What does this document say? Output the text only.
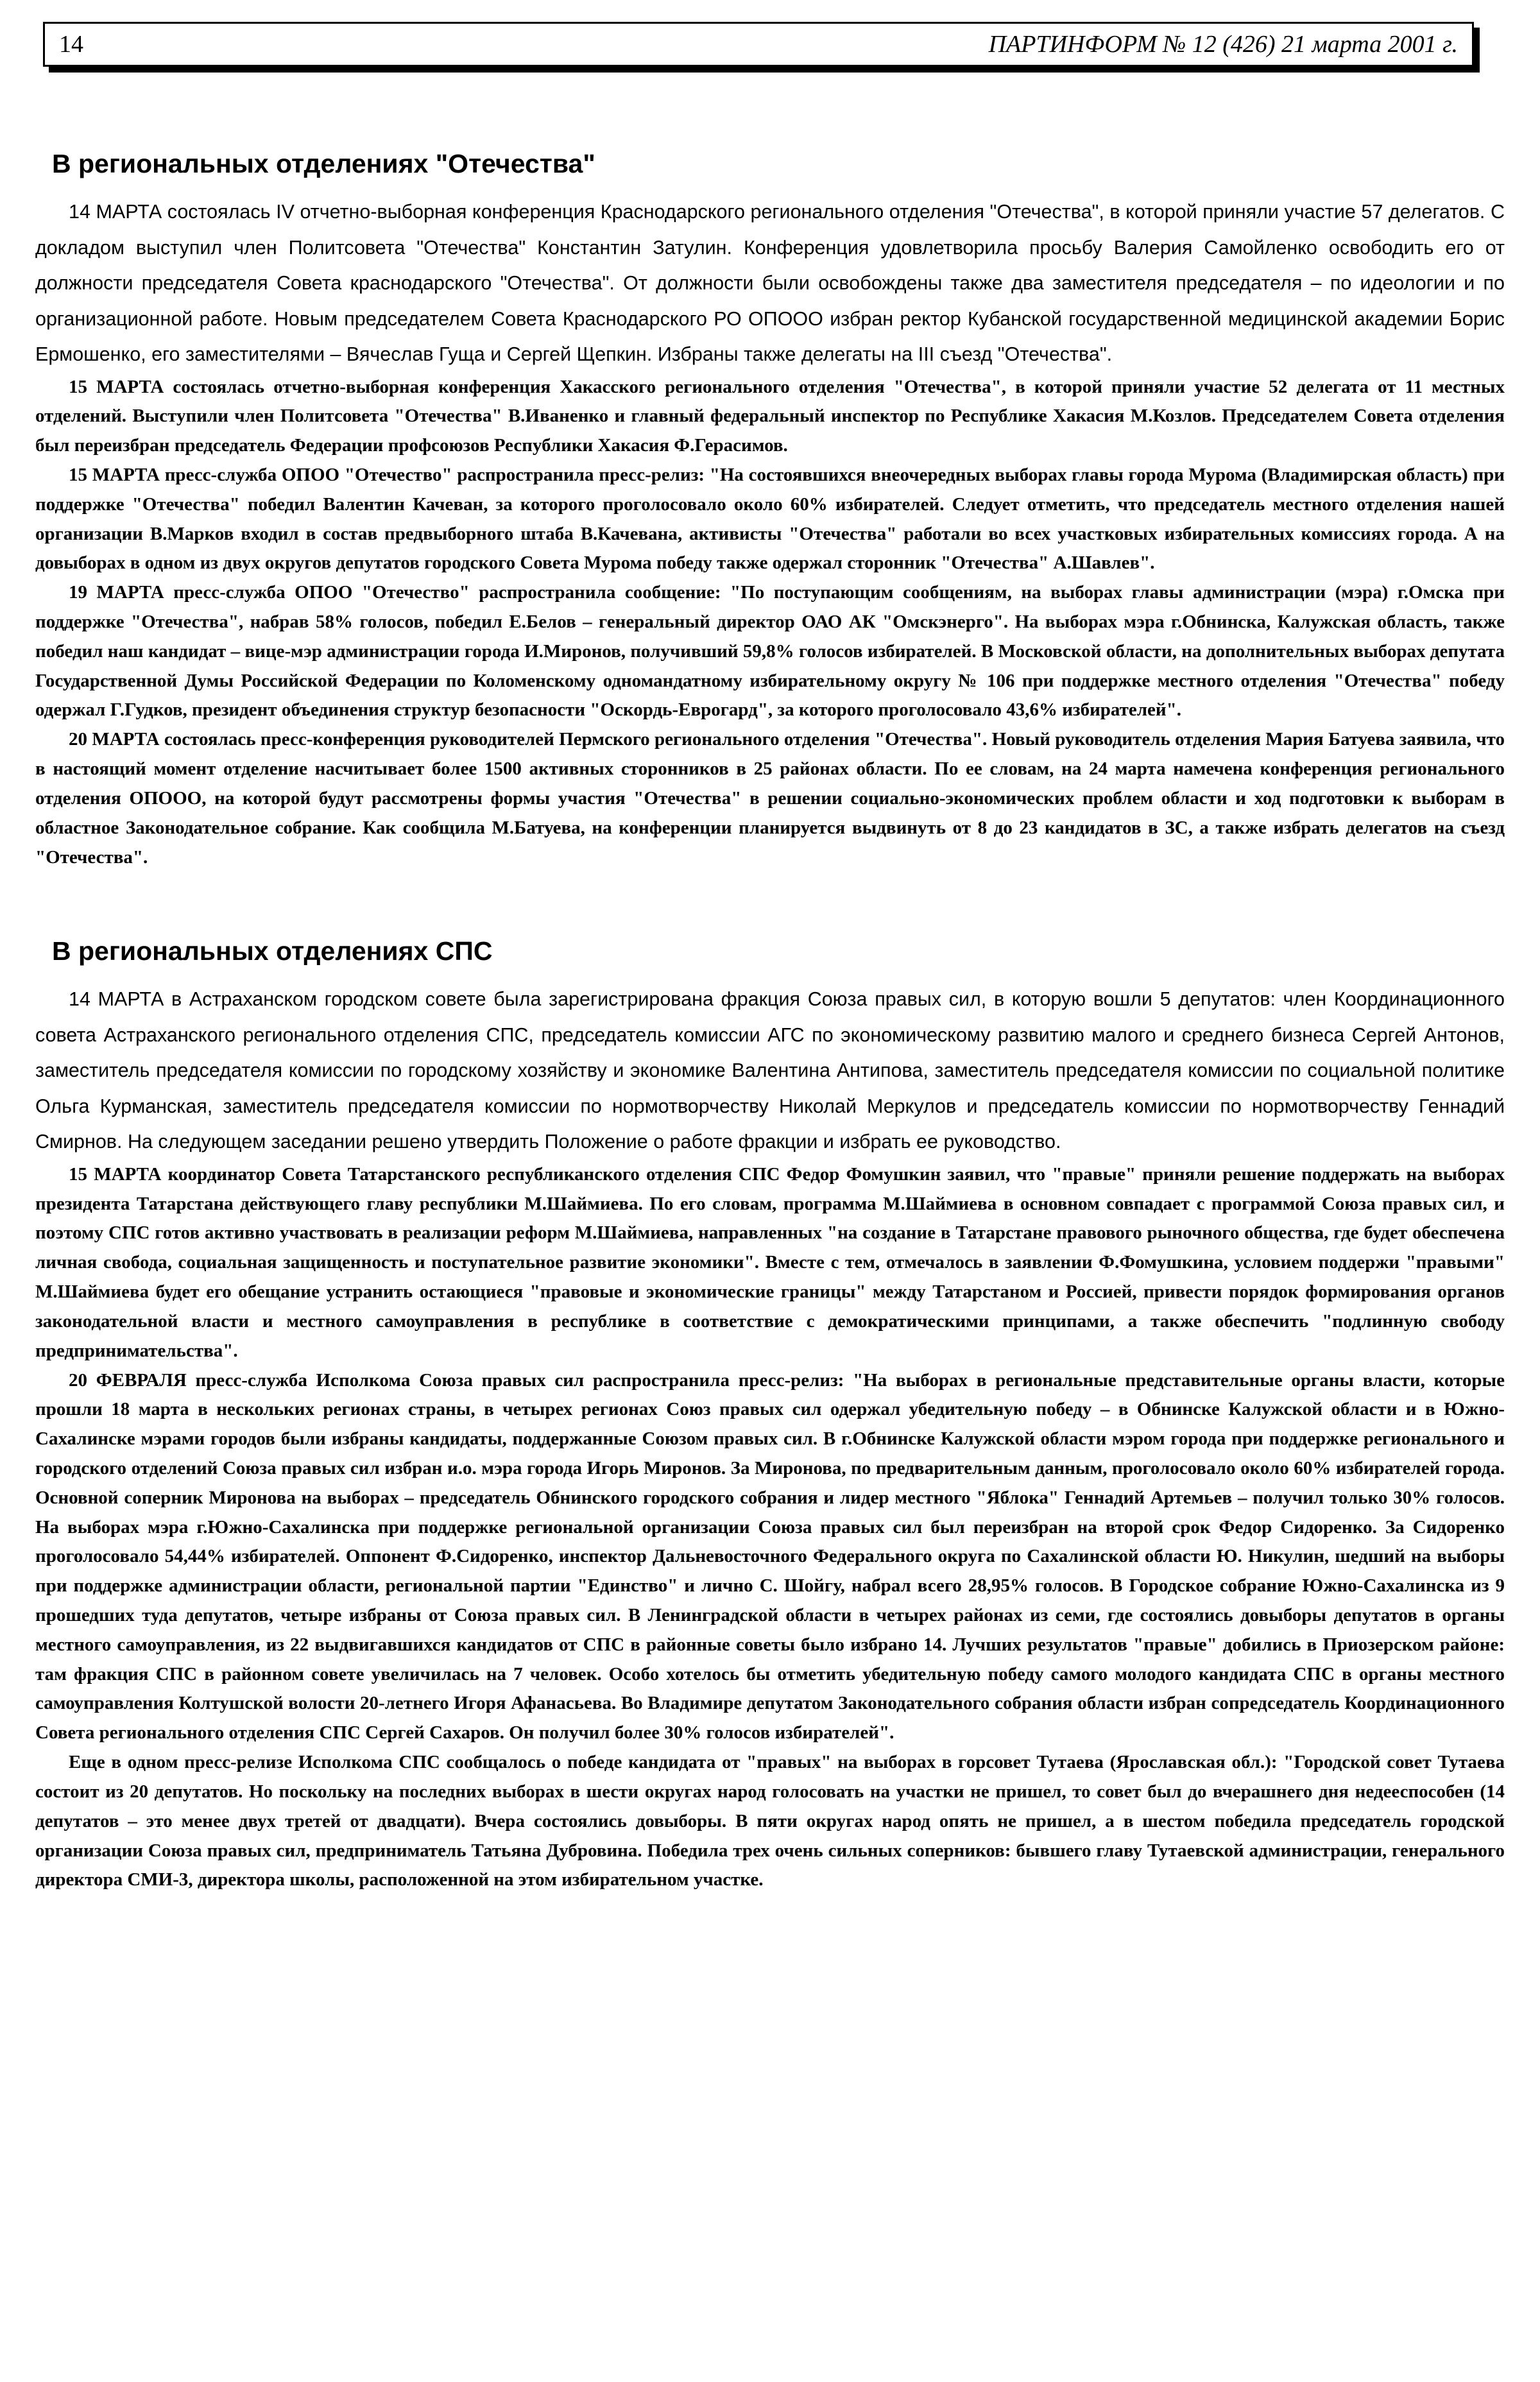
14	ПАРТИНФОРМ № 12 (426) 21 марта 2001 г.
В региональных отделениях "Отечества"

14 МАРТА состоялась IV отчетно-выборная конференция Краснодарского регионального отделения "Отечества", в которой приняли участие 57 делегатов. С докладом выступил член Политсовета "Отечества" Константин Затулин. Конференция удовлетворила просьбу Валерия Самойленко освободить его от должности председателя Совета краснодарского "Отечества". От должности были освобождены также два заместителя председателя – по идеологии и по организационной работе. Новым председателем Совета Краснодарского РО ОПООО избран ректор Кубанской государственной медицинской академии Борис Ермошенко, его заместителями – Вячеслав Гуща и Сергей Щепкин. Избраны также делегаты на III съезд "Отечества".

15 МАРТА состоялась отчетно-выборная конференция Хакасского регионального отделения "Отечества", в которой приняли участие 52 делегата от 11 местных отделений. Выступили член Политсовета "Отечества" В.Иваненко и главный федеральный инспектор по Республике Хакасия М.Козлов. Председателем Совета отделения был переизбран председатель Федерации профсоюзов Республики Хакасия Ф.Герасимов.

15 МАРТА пресс-служба ОПОО "Отечество" распространила пресс-релиз: "На состоявшихся внеочередных выборах главы города Мурома (Владимирская область) при поддержке "Отечества" победил Валентин Качеван, за которого проголосовало около 60% избирателей. Следует отметить, что председатель местного отделения нашей организации В.Марков входил в состав предвыборного штаба В.Качевана, активисты "Отечества" работали во всех участковых избирательных комиссиях города. А на довыборах в одном из двух округов депутатов городского Совета Мурома победу также одержал сторонник "Отечества" А.Шавлев".

19 МАРТА пресс-служба ОПОО "Отечество" распространила сообщение: "По поступающим сообщениям, на выборах главы администрации (мэра) г.Омска при поддержке "Отечества", набрав 58% голосов, победил Е.Белов – генеральный директор ОАО АК "Омскэнерго". На выборах мэра г.Обнинска, Калужская область, также победил наш кандидат – вице-мэр администрации города И.Миронов, получивший 59,8% голосов избирателей. В Московской области, на дополнительных выборах депутата Государственной Думы Российской Федерации по Коломенскому одномандатному избирательному округу № 106 при поддержке местного отделения "Отечества" победу одержал Г.Гудков, президент объединения структур безопасности "Оскордь-Еврогард", за которого проголосовало 43,6% избирателей".

20 МАРТА состоялась пресс-конференция руководителей Пермского регионального отделения "Отечества". Новый руководитель отделения Мария Батуева заявила, что в настоящий момент отделение насчитывает более 1500 активных сторонников в 25 районах области. По ее словам, на 24 марта намечена конференция регионального отделения ОПООО, на которой будут рассмотрены формы участия "Отечества" в решении социально-экономических проблем области и ход подготовки к выборам в областное Законодательное собрание. Как сообщила М.Батуева, на конференции планируется выдвинуть от 8 до 23 кандидатов в ЗС, а также избрать делегатов на съезд "Отечества".

В региональных отделениях СПС

14 МАРТА в Астраханском городском совете была зарегистрирована фракция Союза правых сил, в которую вошли 5 депутатов: член Координационного совета Астраханского регионального отделения СПС, председатель комиссии АГС по экономическому развитию малого и среднего бизнеса Сергей Антонов, заместитель председателя комиссии по городскому хозяйству и экономике Валентина Антипова, заместитель председателя комиссии по социальной политике Ольга Курманская, заместитель председателя комиссии по нормотворчеству Николай Меркулов и председатель комиссии по нормотворчеству Геннадий Смирнов. На следующем заседании решено утвердить Положение о работе фракции и избрать ее руководство.

15 МАРТА координатор Совета Татарстанского республиканского отделения СПС Федор Фомушкин заявил, что "правые" приняли решение поддержать на выборах президента Татарстана действующего главу республики М.Шаймиева. По его словам, программа М.Шаймиева в основном совпадает с программой Союза правых сил, и поэтому СПС готов активно участвовать в реализации реформ М.Шаймиева, направленных "на создание в Татарстане правового рыночного общества, где будет обеспечена личная свобода, социальная защищенность и поступательное развитие экономики". Вместе с тем, отмечалось в заявлении Ф.Фомушкина, условием поддержи "правыми" М.Шаймиева будет его обещание устранить остающиеся "правовые и экономические границы" между Татарстаном и Россией, привести порядок формирования органов законодательной власти и местного самоуправления в республике в соответствие с демократическими принципами, а также обеспечить "подлинную свободу предпринимательства".

20 ФЕВРАЛЯ пресс-служба Исполкома Союза правых сил распространила пресс-релиз: "На выборах в региональные представительные органы власти, которые прошли 18 марта в нескольких регионах страны, в четырех регионах Союз правых сил одержал убедительную победу – в Обнинске Калужской области и в Южно-Сахалинске мэрами городов были избраны кандидаты, поддержанные Союзом правых сил. В г.Обнинске Калужской области мэром города при поддержке регионального и городского отделений Союза правых сил избран и.о. мэра города Игорь Миронов. За Миронова, по предварительным данным, проголосовало около 60% избирателей города. Основной соперник Миронова на выборах – председатель Обнинского городского собрания и лидер местного "Яблока" Геннадий Артемьев – получил только 30% голосов. На выборах мэра г.Южно-Сахалинска при поддержке региональной организации Союза правых сил был переизбран на второй срок Федор Сидоренко. За Сидоренко проголосовало 54,44% избирателей. Оппонент Ф.Сидоренко, инспектор Дальневосточного Федерального округа по Сахалинской области Ю. Никулин, шедший на выборы при поддержке администрации области, региональной партии "Единство" и лично С. Шойгу, набрал всего 28,95% голосов. В Городское собрание Южно-Сахалинска из 9 прошедших туда депутатов, четыре избраны от Союза правых сил. В Ленинградской области в четырех районах из семи, где состоялись довыборы депутатов в органы местного самоуправления, из 22 выдвигавшихся кандидатов от СПС в районные советы было избрано 14. Лучших результатов "правые" добились в Приозерском районе: там фракция СПС в районном совете увеличилась на 7 человек. Особо хотелось бы отметить убедительную победу самого молодого кандидата СПС в органы местного самоуправления Колтушской волости 20-летнего Игоря Афанасьева. Во Владимире депутатом Законодательного собрания области избран сопредседатель Координационного Совета регионального отделения СПС Сергей Сахаров. Он получил более 30% голосов избирателей".

Еще в одном пресс-релизе Исполкома СПС сообщалось о победе кандидата от "правых" на выборах в горсовет Тутаева (Ярославская обл.): "Городской совет Тутаева состоит из 20 депутатов. Но поскольку на последних выборах в шести округах народ голосовать на участки не пришел, то совет был до вчерашнего дня недееспособен (14 депутатов – это менее двух третей от двадцати). Вчера состоялись довыборы. В пяти округах народ опять не пришел, а в шестом победила председатель городской организации Союза правых сил, предприниматель Татьяна Дубровина. Победила трех очень сильных соперников: бывшего главу Тутаевской администрации, генерального директора СМИ-3, директора школы, расположенной на этом избирательном участке.
